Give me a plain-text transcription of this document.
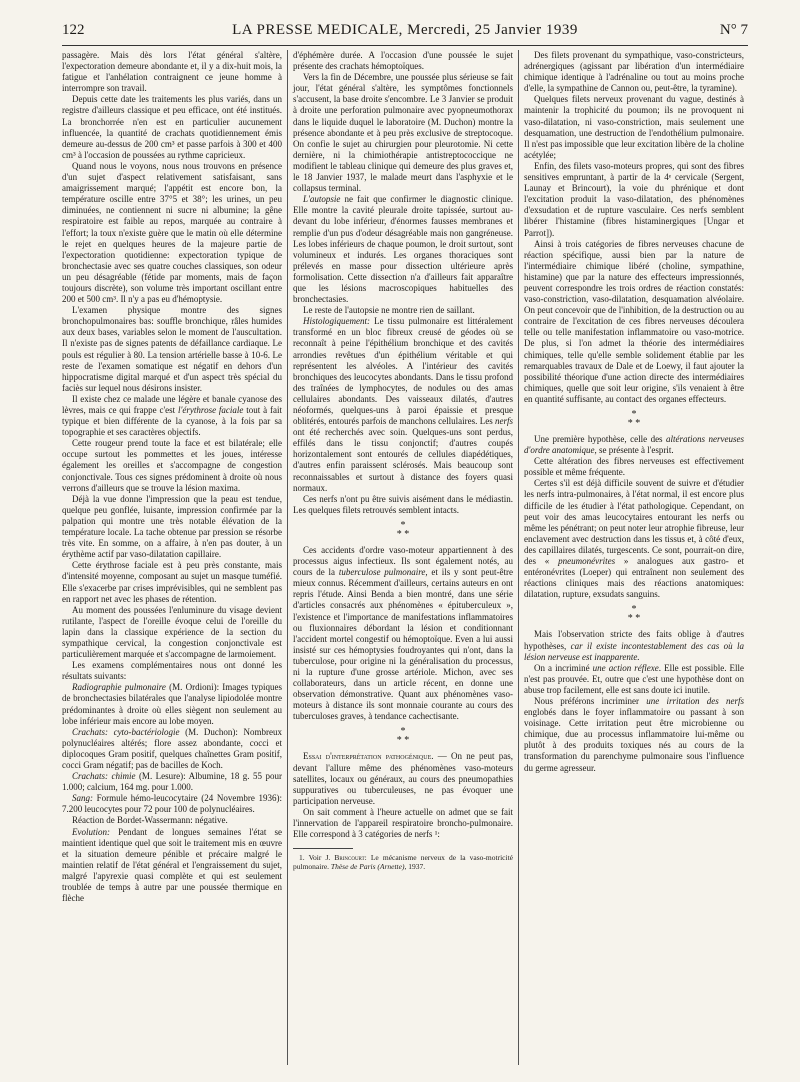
122	LA PRESSE MEDICALE, Mercredi, 25 Janvier 1939	N° 7

passagère. Mais dès lors l'état général s'altère, l'expectoration demeure abondante et, il y a dix-huit mois, la fatigue et l'anhélation contraignent ce jeune homme à interrompre son travail.

Depuis cette date les traitements les plus variés, dans un registre d'ailleurs classique et peu efficace, ont été institués. La bronchorrée n'en est en particulier aucunement influencée, la quantité de crachats quotidiennement émis demeure au-dessus de 200 cm³ et passe parfois à 300 et 400 cm³ à l'occasion de poussées au rythme capricieux.

Quand nous le voyons, nous nous trouvons en présence d'un sujet d'aspect relativement satisfaisant, sans amaigrissement marqué; l'appétit est encore bon, la température oscille entre 37°5 et 38°; les urines, un peu diminuées, ne contiennent ni sucre ni albumine; la gêne respiratoire est faible au repos, marquée au contraire à l'effort; la toux n'existe guère que le matin où elle détermine le rejet en quelques heures de la majeure partie de l'expectoration quotidienne: expectoration typique de bronchectasie avec ses quatre couches classiques, son odeur un peu désagréable (fétide par moments, mais de façon toujours discrète), son volume très important oscillant entre 200 et 500 cm³. Il n'y a pas eu d'hémoptysie.

L'examen physique montre des signes bronchopulmonaires bas: souffle bronchique, râles humides aux deux bases, variables selon le moment de l'auscultation. Il n'existe pas de signes patents de défaillance cardiaque. Le pouls est régulier à 80. La tension artérielle basse à 10-6. Le reste de l'examen somatique est négatif en dehors d'un hippocratisme digital marqué et d'un aspect très spécial du faciès sur lequel nous désirons insister.

Il existe chez ce malade une légère et banale cyanose des lèvres, mais ce qui frappe c'est l'érythrose faciale tout à fait typique et bien différente de la cyanose, à la fois par sa topographie et ses caractères objectifs.

Cette rougeur prend toute la face et est bilatérale; elle occupe surtout les pommettes et les joues, intéresse également les oreilles et s'accompagne de congestion conjonctivale. Tous ces signes prédominent à droite où nous verrons d'ailleurs que se trouve la lésion maxima.

Déjà la vue donne l'impression que la peau est tendue, quelque peu gonflée, luisante, impression confirmée par la palpation qui montre une très notable élévation de la température locale. La tache obtenue par pression se résorbe très vite. En somme, on a affaire, à n'en pas douter, à un érythème actif par vaso-dilatation capillaire.

Cette érythrose faciale est à peu près constante, mais d'intensité moyenne, composant au sujet un masque tuméfié. Elle s'exacerbe par crises imprévisibles, qui ne semblent pas en rapport net avec les phases de rétention.

Au moment des poussées l'enluminure du visage devient rutilante, l'aspect de l'oreille évoque celui de l'oreille du lapin dans la classique expérience de la section du sympathique cervical, la congestion conjonctivale est particulièrement marquée et s'accompagne de larmoiement.

Les examens complémentaires nous ont donné les résultats suivants:

Radiographie pulmonaire (M. Ordioni): Images typiques de bronchectasies bilatérales que l'analyse lipiodolée montre prédominantes à droite où elles siègent non seulement au lobe inférieur mais encore au lobe moyen.

Crachats: cyto-bactériologie (M. Duchon): Nombreux polynucléaires altérés; flore assez abondante, cocci et diplocoques Gram positif, quelques chaînettes Gram positif, cocci Gram négatif; pas de bacilles de Koch.

Crachats: chimie (M. Lesure): Albumine, 18 g. 55 pour 1.000; calcium, 164 mg. pour 1.000.

Sang: Formule hémo-leucocytaire (24 Novembre 1936): 7.200 leucocytes pour 72 pour 100 de polynucléaires.

Réaction de Bordet-Wassermann: négative.

Evolution: Pendant de longues semaines l'état se maintient identique quel que soit le traitement mis en œuvre et la situation demeure pénible et précaire malgré le maintien relatif de l'état général et l'engraissement du sujet, malgré l'apyrexie quasi complète et qui est seulement troublée de temps à autre par une poussée thermique en flèche

d'éphémère durée. A l'occasion d'une poussée le sujet présente des crachats hémoptoïques.

Vers la fin de Décembre, une poussée plus sérieuse se fait jour, l'état général s'altère, les symptômes fonctionnels s'accusent, la base droite s'encombre. Le 3 Janvier se produit à droite une perforation pulmonaire avec pyopneumothorax dans le liquide duquel le laboratoire (M. Duchon) montre la présence abondante et à peu près exclusive de streptocoque. On confie le sujet au chirurgien pour pleurotomie. Ni cette dernière, ni la chimiothérapie antistreptococcique ne modifient le tableau clinique qui demeure des plus graves et, le 18 Janvier 1937, le malade meurt dans l'asphyxie et le collapsus terminal.

L'autopsie ne fait que confirmer le diagnostic clinique. Elle montre la cavité pleurale droite tapissée, surtout au-devant du lobe inférieur, d'énormes fausses membranes et remplie d'un pus d'odeur désagréable mais non gangréneuse. Les lobes inférieurs de chaque poumon, le droit surtout, sont volumineux et indurés. Les organes thoraciques sont prélevés en masse pour dissection ultérieure après formolisation. Cette dissection n'a d'ailleurs fait apparaître que les lésions macroscopiques habituelles des bronchectasies.

Le reste de l'autopsie ne montre rien de saillant.

Histologiquement: Le tissu pulmonaire est littéralement transformé en un bloc fibreux creusé de géodes où se reconnaît à peine l'épithélium bronchique et des cavités arrondies revêtues d'un épithélium véritable et qui représentent les alvéoles. A l'intérieur des cavités bronchiques des leucocytes abondants. Dans le tissu profond des traînées de lymphocytes, de nodules ou des amas cellulaires abondants. Des vaisseaux dilatés, d'autres néoformés, quelques-uns à paroi épaissie et presque oblitérés, entourés parfois de manchons cellulaires. Les nerfs ont été recherchés avec soin. Quelques-uns sont perdus, effilés dans le tissu conjonctif; d'autres coupés horizontalement sont entourés de cellules diapédétiques, d'autres enfin paraissent sclérosés. Mais beaucoup sont reconnaissables et surtout à distance des foyers quasi normaux.

Ces nerfs n'ont pu être suivis aisément dans le médiastin. Les quelques filets retrouvés semblent intacts.

*
* *

Ces accidents d'ordre vaso-moteur appartiennent à des processus aigus infectieux. Ils sont également notés, au cours de la tuberculose pulmonaire, et ils y sont peut-être mieux connus. Récemment d'ailleurs, certains auteurs en ont repris l'étude. Ainsi Benda a bien montré, dans une série d'articles consacrés aux phénomènes « épituberculeux », l'existence et l'importance de manifestations inflammatoires ou fluxionnaires débordant la lésion et conditionnant l'accident mortel congestif ou hémoptoïque. Even a lui aussi insisté sur ces hémoptysies foudroyantes qui n'ont, dans la tuberculose, pour origine ni la généralisation du processus, ni la rupture d'une grosse artériole. Michon, avec ses collaborateurs, dans un article récent, en donne une observation démonstrative. Quant aux phénomènes vaso-moteurs à distance ils sont monnaie courante au cours des tuberculoses graves, à tendance cachectisante.

*
* *

Essai d'interprétation pathogénique. — On ne peut pas, devant l'allure même des phénomènes vaso-moteurs satellites, locaux ou généraux, au cours des pneumopathies suppuratives ou tuberculeuses, ne pas évoquer une participation nerveuse.

On sait comment à l'heure actuelle on admet que se fait l'innervation de l'appareil respiratoire broncho-pulmonaire. Elle correspond à 3 catégories de nerfs ¹:

1. Voir J. Brincourt: Le mécanisme nerveux de la vaso-motricité pulmonaire. Thèse de Paris (Arnette), 1937.

Des filets provenant du sympathique, vaso-constricteurs, adrénergiques (agissant par libération d'un intermédiaire chimique identique à l'adrénaline ou tout au moins proche d'elle, la sympathine de Cannon ou, peut-être, la tyramine).

Quelques filets nerveux provenant du vague, destinés à maintenir la trophicité du poumon; ils ne provoquent ni vaso-dilatation, ni vaso-constriction, mais seulement une desquamation, une destruction de l'endothélium pulmonaire. Il n'est pas impossible que leur excitation libère de la choline acétylée;

Enfin, des filets vaso-moteurs propres, qui sont des fibres sensitives empruntant, à partir de la 4ᵉ cervicale (Sergent, Launay et Brincourt), la voie du phrénique et dont l'excitation produit la vaso-dilatation, des phénomènes d'exsudation et de rupture vasculaire. Ces nerfs semblent libérer l'histamine (fibres histaminergiques [Ungar et Parrot]).

Ainsi à trois catégories de fibres nerveuses chacune de réaction spécifique, aussi bien par la nature de l'intermédiaire chimique libéré (choline, sympathine, histamine) que par la nature des effecteurs impressionnés, peuvent correspondre les trois ordres de réaction constatés: vaso-constriction, vaso-dilatation, desquamation alvéolaire. On peut concevoir que de l'inhibition, de la destruction ou au contraire de l'excitation de ces fibres nerveuses découlera telle ou telle manifestation inflammatoire ou vaso-motrice. De plus, si l'on admet la théorie des intermédiaires chimiques, telle qu'elle semble solidement établie par les remarquables travaux de Dale et de Loewy, il faut ajouter la possibilité théorique d'une action directe des intermédiaires chimiques, quelle que soit leur origine, s'ils venaient à être en quantité suffisante, au contact des organes effecteurs.

*
* *

Une première hypothèse, celle des altérations nerveuses d'ordre anatomique, se présente à l'esprit.

Cette altération des fibres nerveuses est effectivement possible et même fréquente.

Certes s'il est déjà difficile souvent de suivre et d'étudier les nerfs intra-pulmonaires, à l'état normal, il est encore plus difficile de les étudier à l'état pathologique. Cependant, on peut voir des amas leucocytaires entourant les nerfs ou même les pénétrant; on peut noter leur atrophie fibreuse, leur enclavement avec destruction dans les tissus et, à côté d'eux, des capillaires dilatés, turgescents. Ce sont, pourrait-on dire, des « pneumonévrites » analogues aux gastro- et entéronévrites (Loeper) qui entraînent non seulement des réactions cliniques mais des réactions anatomiques: dilatation, rupture, exsudats sanguins.

*
* *

Mais l'observation stricte des faits oblige à d'autres hypothèses, car il existe incontestablement des cas où la lésion nerveuse est inapparente.

On a incriminé une action réflexe. Elle est possible. Elle n'est pas prouvée. Et, outre que c'est une hypothèse dont on abuse trop facilement, elle est sans doute ici inutile.

Nous préférons incriminer une irritation des nerfs englobés dans le foyer inflammatoire ou passant à son voisinage. Cette irritation peut être microbienne ou chimique, due au processus inflammatoire lui-même ou plutôt à des produits toxiques nés au cours de la transformation du parenchyme pulmonaire sous l'influence du germe agresseur.
